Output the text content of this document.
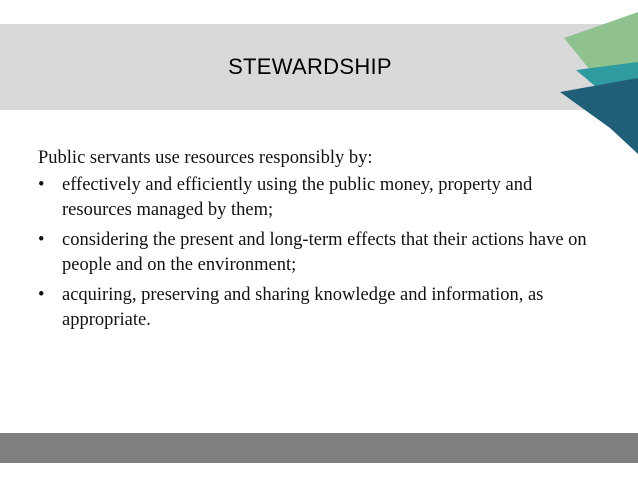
STEWARDSHIP

Public servants use resources responsibly by:

• effectively and efficiently using the public money, property and resources managed by them;
• considering the present and long-term effects that their actions have on people and on the environment;
• acquiring, preserving and sharing knowledge and information, as appropriate.
